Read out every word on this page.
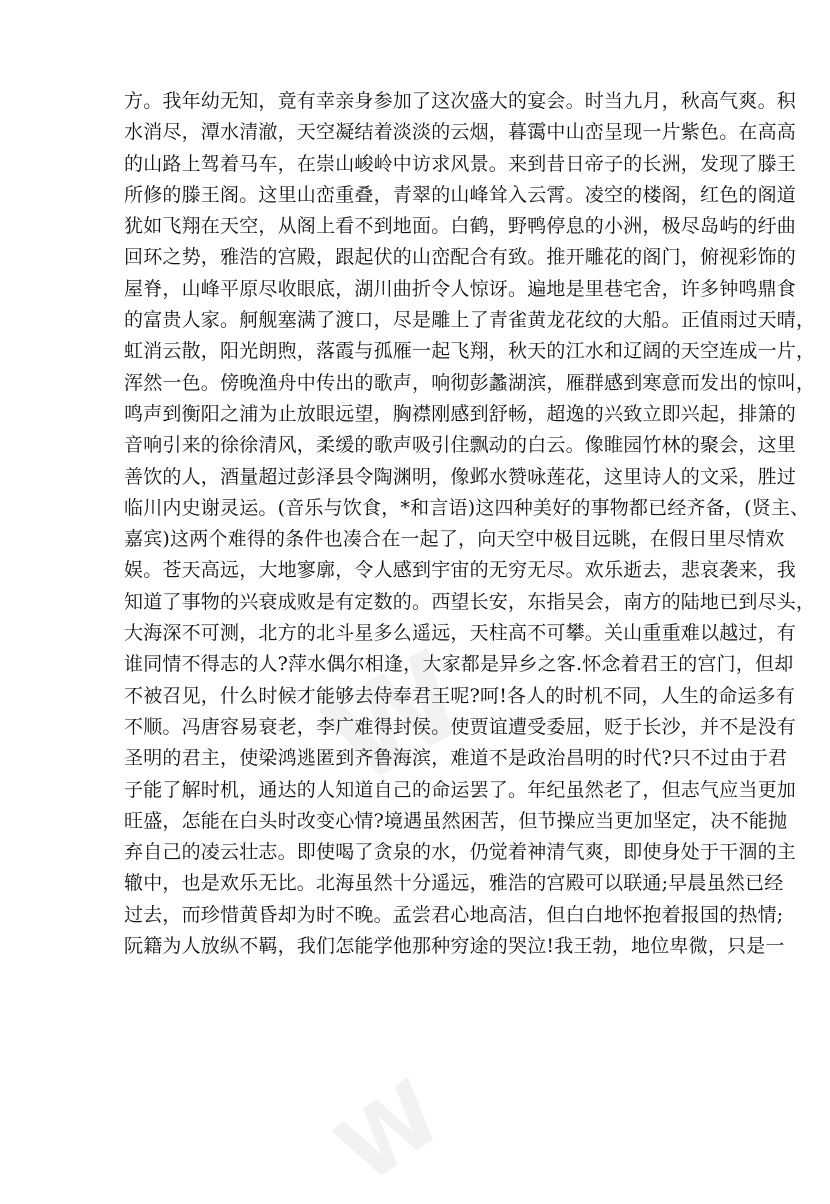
W
W
方。我年幼无知，竟有幸亲身参加了这次盛大的宴会。时当九月，秋高气爽。积
水消尽，潭水清澈，天空凝结着淡淡的云烟，暮霭中山峦呈现一片紫色。在高高
的山路上驾着马车，在崇山峻岭中访求风景。来到昔日帝子的长洲，发现了滕王
所修的滕王阁。这里山峦重叠，青翠的山峰耸入云霄。凌空的楼阁，红色的阁道
犹如飞翔在天空，从阁上看不到地面。白鹤，野鸭停息的小洲，极尽岛屿的纡曲
回环之势，雅浩的宫殿，跟起伏的山峦配合有致。推开雕花的阁门，俯视彩饰的
屋脊，山峰平原尽收眼底，湖川曲折令人惊讶。遍地是里巷宅舍，许多钟鸣鼎食
的富贵人家。舸舰塞满了渡口，尽是雕上了青雀黄龙花纹的大船。正值雨过天晴，
虹消云散，阳光朗煦，落霞与孤雁一起飞翔，秋天的江水和辽阔的天空连成一片，
浑然一色。傍晚渔舟中传出的歌声，响彻彭蠡湖滨，雁群感到寒意而发出的惊叫，
鸣声到衡阳之浦为止放眼远望，胸襟刚感到舒畅，超逸的兴致立即兴起，排箫的
音响引来的徐徐清风，柔缓的歌声吸引住飘动的白云。像睢园竹林的聚会，这里
善饮的人，酒量超过彭泽县令陶渊明，像邺水赞咏莲花，这里诗人的文采，胜过
临川内史谢灵运。(音乐与饮食，*和言语)这四种美好的事物都已经齐备，(贤主、
嘉宾)这两个难得的条件也凑合在一起了，向天空中极目远眺，在假日里尽情欢
娱。苍天高远，大地寥廓，令人感到宇宙的无穷无尽。欢乐逝去，悲哀袭来，我
知道了事物的兴衰成败是有定数的。西望长安，东指吴会，南方的陆地已到尽头，
大海深不可测，北方的北斗星多么遥远，天柱高不可攀。关山重重难以越过，有
谁同情不得志的人?萍水偶尔相逢，大家都是异乡之客.怀念着君王的宫门，但却
不被召见，什么时候才能够去侍奉君王呢?呵!各人的时机不同，人生的命运多有
不顺。冯唐容易衰老，李广难得封侯。使贾谊遭受委屈，贬于长沙，并不是没有
圣明的君主，使梁鸿逃匿到齐鲁海滨，难道不是政治昌明的时代?只不过由于君
子能了解时机，通达的人知道自己的命运罢了。年纪虽然老了，但志气应当更加
旺盛，怎能在白头时改变心情?境遇虽然困苦，但节操应当更加坚定，决不能抛
弃自己的凌云壮志。即使喝了贪泉的水，仍觉着神清气爽，即使身处于干涸的主
辙中，也是欢乐无比。北海虽然十分遥远，雅浩的宫殿可以联通;早晨虽然已经
过去，而珍惜黄昏却为时不晚。孟尝君心地高洁，但白白地怀抱着报国的热情;
阮籍为人放纵不羁，我们怎能学他那种穷途的哭泣!我王勃，地位卑微，只是一
